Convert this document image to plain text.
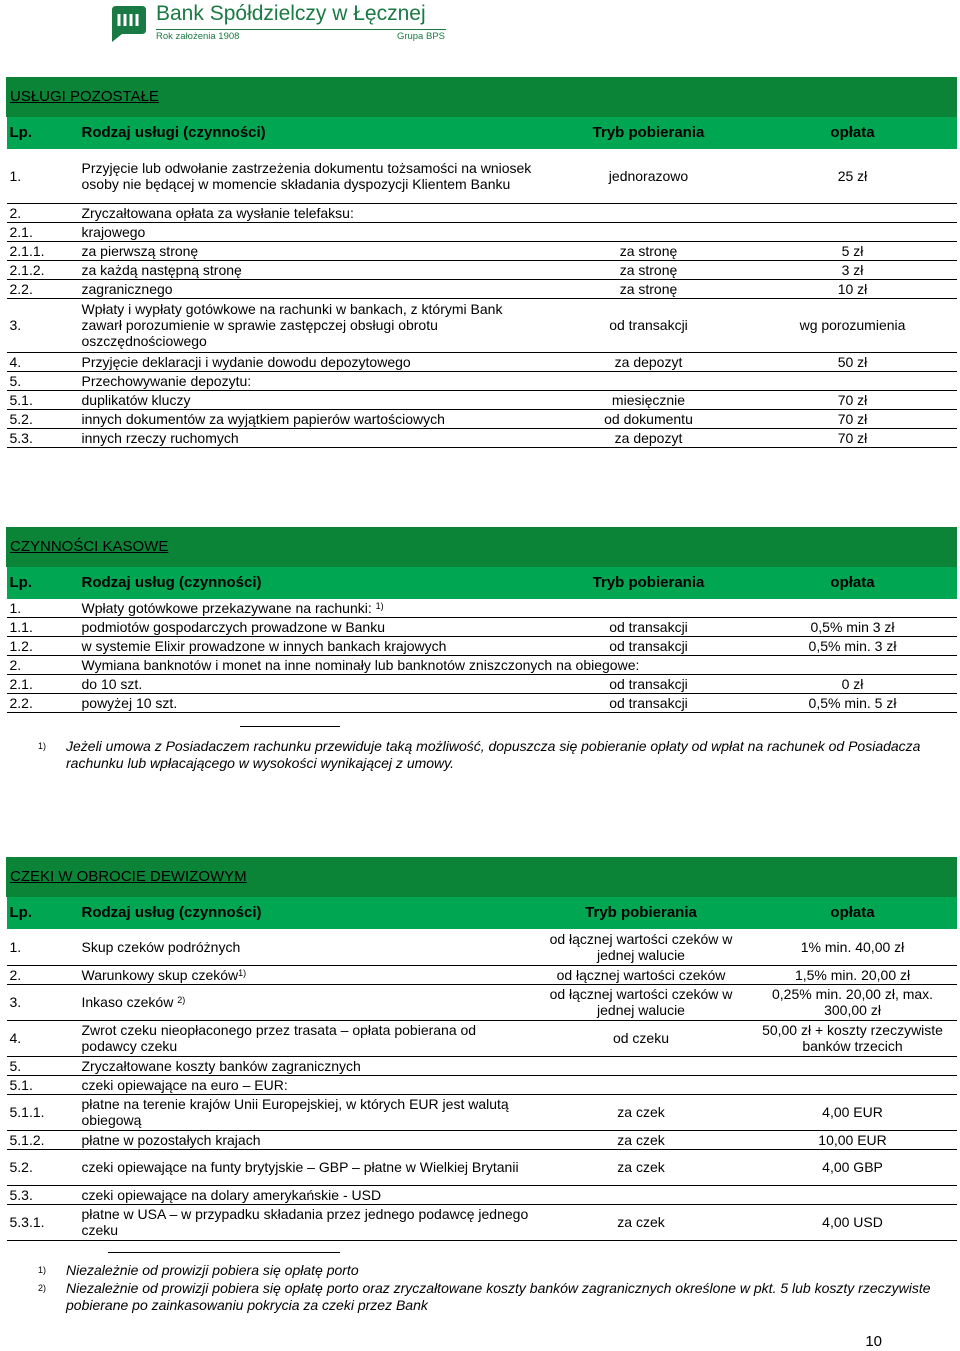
Bank Spółdzielczy w Łęcznej
Rok założenia 1908	Grupa BPS
USŁUGI POZOSTAŁE			
Lp.	Rodzaj usługi (czynności)	Tryb pobierania	opłata
1.	Przyjęcie lub odwołanie zastrzeżenia dokumentu tożsamości na wniosek osoby nie będącej w momencie składania dyspozycji Klientem Banku	jednorazowo	25 zł
2.	Zryczałtowana opłata za wysłanie telefaksu:		
2.1.	krajowego		
2.1.1.	za pierwszą stronę	za stronę	5 zł
2.1.2.	za każdą następną stronę	za stronę	3 zł
2.2.	zagranicznego	za stronę	10 zł
3.	Wpłaty i wypłaty gotówkowe na rachunki w bankach, z którymi Bank zawarł porozumienie w sprawie zastępczej obsługi obrotu oszczędnościowego	od transakcji	wg porozumienia
4.	Przyjęcie deklaracji i wydanie dowodu depozytowego	za depozyt	50 zł
5.	Przechowywanie depozytu:		
5.1.	duplikatów kluczy	miesięcznie	70 zł
5.2.	innych dokumentów za wyjątkiem papierów wartościowych	od dokumentu	70 zł
5.3.	innych rzeczy ruchomych	za depozyt	70 zł
CZYNNOŚCI KASOWE			
Lp.	Rodzaj usług (czynności)	Tryb pobierania	opłata
1.	Wpłaty gotówkowe przekazywane na rachunki: $^{1)}$		
1.1.	podmiotów gospodarczych prowadzone w Banku	od transakcji	0,5% min 3 zł
1.2.	w systemie Elixir prowadzone w innych bankach krajowych	od transakcji	0,5% min. 3 zł
2.	Wymiana banknotów i monet na inne nominały lub banknotów zniszczonych na obiegowe:		
2.1.	do 10 szt.	od transakcji	0 zł
2.2.	powyżej 10 szt.	od transakcji	0,5% min. 5 zł
1) Jeżeli umowa z Posiadaczem rachunku przewiduje taką możliwość, dopuszcza się pobieranie opłaty od wpłat na rachunek od Posiadacza rachunku lub wpłacającego w wysokości wynikającej z umowy.
CZEKI W OBROCIE DEWIZOWYM			
Lp.	Rodzaj usług (czynności)	Tryb pobierania	opłata
1.	Skup czeków podróżnych	od łącznej wartości czeków w jednej walucie	1% min. 40,00 zł
2.	Warunkowy skup czeków$^{1)}$	od łącznej wartości czeków	1,5% min. 20,00 zł
3.	Inkaso czeków $^{2)}$	od łącznej wartości czeków w jednej walucie	0,25% min. 20,00 zł, max. 300,00 zł
4.	Zwrot czeku nieopłaconego przez trasata – opłata pobierana od podawcy czeku	od czeku	50,00 zł + koszty rzeczywiste banków trzecich
5.	Zryczałtowane koszty banków zagranicznych		
5.1.	czeki opiewające na euro – EUR:		
5.1.1.	płatne na terenie krajów Unii Europejskiej, w których EUR jest walutą obiegową	za czek	4,00 EUR
5.1.2.	płatne w pozostałych krajach	za czek	10,00 EUR
5.2.	czeki opiewające na funty brytyjskie – GBP – płatne w Wielkiej Brytanii	za czek	4,00 GBP
5.3.	czeki opiewające na dolary amerykańskie - USD		
5.3.1.	płatne w USA – w przypadku składania przez jednego podawcę jednego czeku	za czek	4,00 USD
1) Niezależnie od prowizji pobiera się opłatę porto
2) Niezależnie od prowizji pobiera się opłatę porto oraz zryczałtowane koszty banków zagranicznych określone w pkt. 5 lub koszty rzeczywiste pobierane po zainkasowaniu pokrycia za czeki przez Bank
10
